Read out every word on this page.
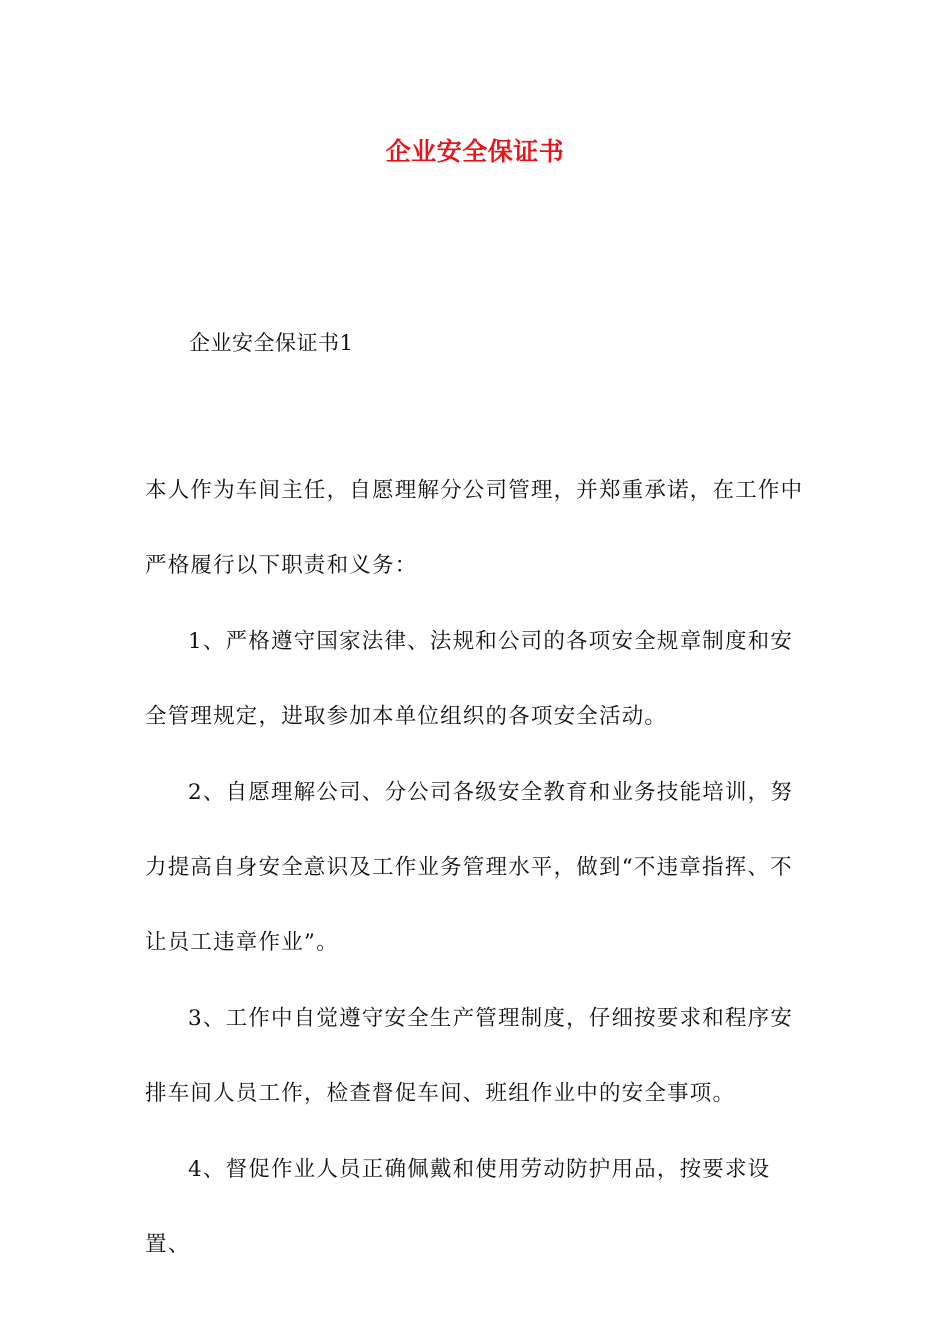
企业安全保证书
企业安全保证书1
本人作为车间主任，自愿理解分公司管理，并郑重承诺，在工作中严格履行以下职责和义务：
1、严格遵守国家法律、法规和公司的各项安全规章制度和安全管理规定，进取参加本单位组织的各项安全活动。
2、自愿理解公司、分公司各级安全教育和业务技能培训，努力提高自身安全意识及工作业务管理水平，做到“不违章指挥、不让员工违章作业”。
3、工作中自觉遵守安全生产管理制度，仔细按要求和程序安排车间人员工作，检查督促车间、班组作业中的安全事项。
4、督促作业人员正确佩戴和使用劳动防护用品，按要求设置、
